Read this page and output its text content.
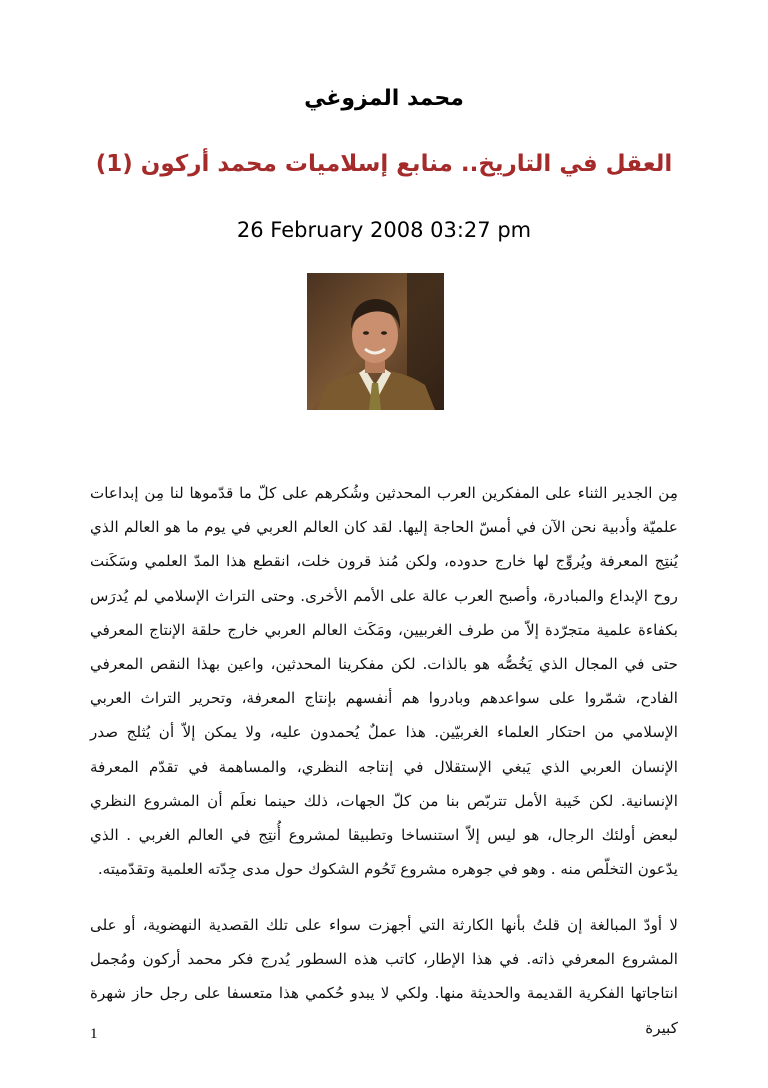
محمد المزوغي
العقل في التاريخ.. منابع إسلاميات محمد أركون (1)
26 February 2008 03:27 pm
مِن الجدير الثناء على المفكرين العرب المحدثين وشُكرهم على كلّ ما قدّموها لنا مِن إبداعات علميّة وأدبية نحن الآن في أمسّ الحاجة إليها. لقد كان العالم العربي في يوم ما هو العالم الذي يُنتِج المعرفة ويُروِّج لها خارج حدوده، ولكن مُنذ قرون خلت، انقطع هذا المدّ العلمي وسَكَنت روح الإبداع والمبادرة، وأصبح العرب عالة على الأمم الأخرى. وحتى التراث الإسلامي لم يُدرَس بكفاءة علمية متجرّدة إلاّ من طرف الغربيين، ومَكَث العالم العربي خارج حلقة الإنتاج المعرفي حتى في المجال الذي يَخُصُّه هو بالذات. لكن مفكرينا المحدثين، واعين بهذا النقص المعرفي الفادح، شمّروا على سواعدهم وبادروا هم أنفسهم بإنتاج المعرفة، وتحرير التراث العربي الإسلامي من احتكار العلماء الغربيّين. هذا عملٌ يُحمدون عليه، ولا يمكن إلاّ أن يُثلج صدر الإنسان العربي الذي يَبغي الإستقلال في إنتاجه النظري، والمساهمة في تقدّم المعرفة الإنسانية. لكن خَيبة الأمل تتربّص بنا من كلّ الجهات، ذلك حينما نعلَم أن المشروع النظري لبعض أولئك الرجال، هو ليس إلاّ استنساخا وتطبيقا لمشروع أُنتِج في العالم الغربي . الذي يدّعون التخلّص منه . وهو في جوهره مشروع تَحُوم الشكوك حول مدى جِدّته العلمية وتقدّميته.
لا أودّ المبالغة إن قلتُ بأنها الكارثة التي أجهزت سواء على تلك القصدية النهضوية، أو على المشروع المعرفي ذاته. في هذا الإطار، كاتب هذه السطور يُدرج فكر محمد أركون ومُجمل انتاجاتها الفكرية القديمة والحديثة منها. ولكي لا يبدو حُكمي هذا متعسفا على رجل حاز شهرة كبيرة
1
